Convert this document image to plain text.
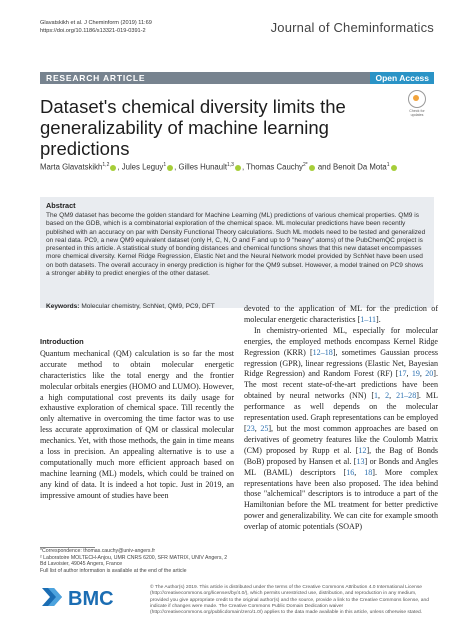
Glavatskikh et al. J Cheminform (2019) 11:69
https://doi.org/10.1186/s13321-019-0391-2	Journal of Cheminformatics
RESEARCH ARTICLE	Open Access
Check for updates
Dataset's chemical diversity limits the generalizability of machine learning predictions
Marta Glavatskikh$^{1,2}$ , Jules Leguy$^1$ , Gilles Hunault$^{1,3}$ , Thomas Cauchy$^{2*}$ and Benoit Da Mota$^1$
Abstract
The QM9 dataset has become the golden standard for Machine Learning (ML) predictions of various chemical properties. QM9 is based on the GDB, which is a combinatorial exploration of the chemical space. ML molecular predictions have been recently published with an accuracy on par with Density Functional Theory calculations. Such ML models need to be tested and generalized on real data. PC9, a new QM9 equivalent dataset (only H, C, N, O and F and up to 9 "heavy" atoms) of the PubChemQC project is presented in this article. A statistical study of bonding distances and chemical functions shows that this new dataset encompasses more chemical diversity. Kernel Ridge Regression, Elastic Net and the Neural Network model provided by SchNet have been used on both datasets. The overall accuracy in energy prediction is higher for the QM9 subset. However, a model trained on PC9 shows a stronger ability to predict energies of the other dataset.
Keywords: Molecular chemistry, SchNet, QM9, PC9, DFT
Introduction
Quantum mechanical (QM) calculation is so far the most accurate method to obtain molecular energetic characteristics like the total energy and the frontier molecular orbitals energies (HOMO and LUMO). However, a high computational cost prevents its daily usage for exhaustive exploration of chemical space. Till recently the only alternative in overcoming the time factor was to use less accurate approximation of QM or classical molecular mechanics. Yet, with those methods, the gain in time means a loss in precision. An appealing alternative is to use a computationally much more efficient approach based on machine learning (ML) models, which could be trained on any kind of data. It is indeed a hot topic. Just in 2019, an impressive amount of studies have been
devoted to the application of ML for the prediction of molecular energetic characteristics [1–11].
In chemistry-oriented ML, especially for molecular energies, the employed methods encompass Kernel Ridge Regression (KRR) [12–18], sometimes Gaussian process regression (GPR), linear regressions (Elastic Net, Bayesian Ridge Regression) and Random Forest (RF) [17, 19, 20]. The most recent state-of-the-art predictions have been obtained by neural networks (NN) [1, 2, 21–28]. ML performance as well depends on the molecular representation used. Graph representations can be employed [23, 25], but the most common approaches are based on derivatives of geometry features like the Coulomb Matrix (CM) proposed by Rupp et al. [12], the Bag of Bonds (BoB) proposed by Hansen et al. [13] or Bonds and Angles ML (BAML) descriptors [16, 18]. More complex representations have been also proposed. The idea behind those "alchemical" descriptors is to introduce a part of the Hamiltonian before the ML treatment for better predictive power and generalizability. We can cite for example smooth overlap of atomic potentials (SOAP)
*Correspondence: thomas.cauchy@univ-angers.fr
² Laboratoire MOLTECH-Anjou, UMR CNRS 6200, SFR MATRIX, UNIV Angers, 2 Bd Lavoisier, 49045 Angers, France
Full list of author information is available at the end of the article
BMC
© The Author(s) 2019. This article is distributed under the terms of the Creative Commons Attribution 4.0 International License (http://creativecommons.org/licenses/by/4.0/), which permits unrestricted use, distribution, and reproduction in any medium, provided you give appropriate credit to the original author(s) and the source, provide a link to the Creative Commons license, and indicate if changes were made. The Creative Commons Public Domain Dedication waiver (http://creativecommons.org/publicdomain/zero/1.0/) applies to the data made available in this article, unless otherwise stated.
